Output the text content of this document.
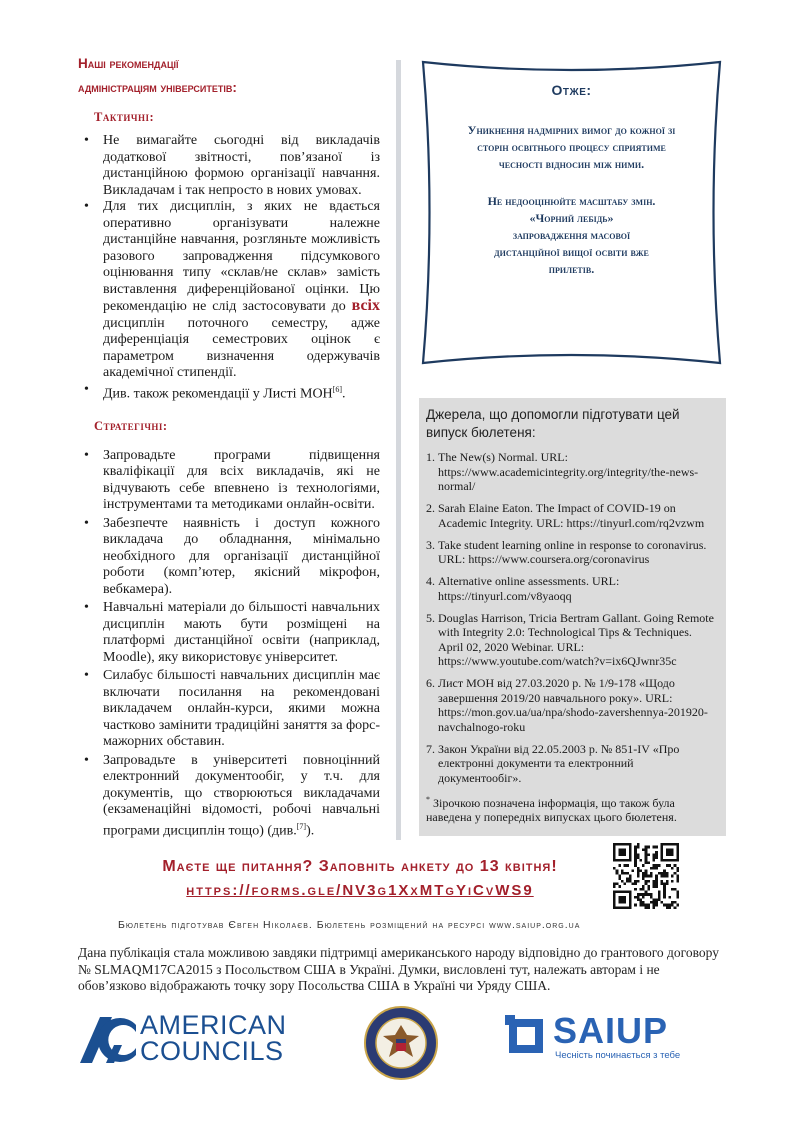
Наші рекомендації
адміністраціям університетів:
Тактичні:
• Не вимагайте сьогодні від викладачів додаткової звітності, пов’язаної із дистанційною формою організації навчання. Викладачам і так непросто в нових умовах.
• Для тих дисциплін, з яких не вдається оперативно організувати належне дистанційне навчання, розгляньте можливість разового запровадження підсумкового оцінювання типу «склав/не склав» замість виставлення диференційованої оцінки. Цю рекомендацію не слід застосовувати до всіх дисциплін поточного семестру, адже диференціація семестрових оцінок є параметром визначення одержувачів академічної стипендії.
• Див. також рекомендації у Листі МОН[6].
Стратегічні:
• Запровадьте програми підвищення кваліфікації для всіх викладачів, які не відчувають себе впевнено із технологіями, інструментами та методиками онлайн-освіти.
• Забезпечте наявність і доступ кожного викладача до обладнання, мінімально необхідного для організації дистанційної роботи (комп’ютер, якісний мікрофон, вебкамера).
• Навчальні матеріали до більшості навчальних дисциплін мають бути розміщені на платформі дистанційної освіти (наприклад, Moodle), яку використовує університет.
• Силабус більшості навчальних дисциплін має включати посилання на рекомендовані викладачем онлайн-курси, якими можна частково замінити традиційні заняття за форс-мажорних обставин.
• Запровадьте в університеті повноцінний електронний документообіг, у т.ч. для документів, що створюються викладачами (екзаменаційні відомості, робочі навчальні програми дисциплін тощо) (див.[7]).
Отже:
Уникнення надмірних вимог до кожної зі сторін освітнього процесу сприятиме чесності відносин між ними.
Не недооцінюйте масштабу змін.
«Чорний лебідь»
запровадження масової дистанційної вищої освіти вже прилетів.
Джерела, що допомогли підготувати цей випуск бюлетеня:
1. The New(s) Normal. URL: https://www.academicintegrity.org/integrity/the-news-normal/
2. Sarah Elaine Eaton. The Impact of COVID-19 on Academic Integrity. URL: https://tinyurl.com/rq2vzwm
3. Take student learning online in response to coronavirus. URL: https://www.coursera.org/coronavirus
4. Alternative online assessments. URL: https://tinyurl.com/v8yaoqq
5. Douglas Harrison, Tricia Bertram Gallant. Going Remote with Integrity 2.0: Technological Tips & Techniques. April 02, 2020 Webinar. URL: https://www.youtube.com/watch?v=ix6QJwnr35c
6. Лист МОН від 27.03.2020 р. № 1/9-178 «Щодо завершення 2019/20 навчального року». URL: https://mon.gov.ua/ua/npa/shodo-zavershennya-201920-navchalnogo-roku
7. Закон України від 22.05.2003 р. № 851-IV «Про електронні документи та електронний документообіг».
* Зірочкою позначена інформація, що також була наведена у попередніх випусках цього бюлетеня.
Маєте ще питання? Заповніть анкету до 13 квітня!
https://forms.gle/NV3g1XxMTgYiCvWS9
Бюлетень підготував Євген Ніколаєв. Бюлетень розміщений на ресурсі www.saiup.org.ua
Дана публікація стала можливою завдяки підтримці американського народу відповідно до грантового договору № SLMAQM17CA2015 з Посольством США в Україні. Думки, висловлені тут, належать авторам і не обов’язково відображають точку зору Посольства США в Україні чи Уряду США.
AMERICAN
COUNCILS	SAIUP
Чесність починається з тебе
